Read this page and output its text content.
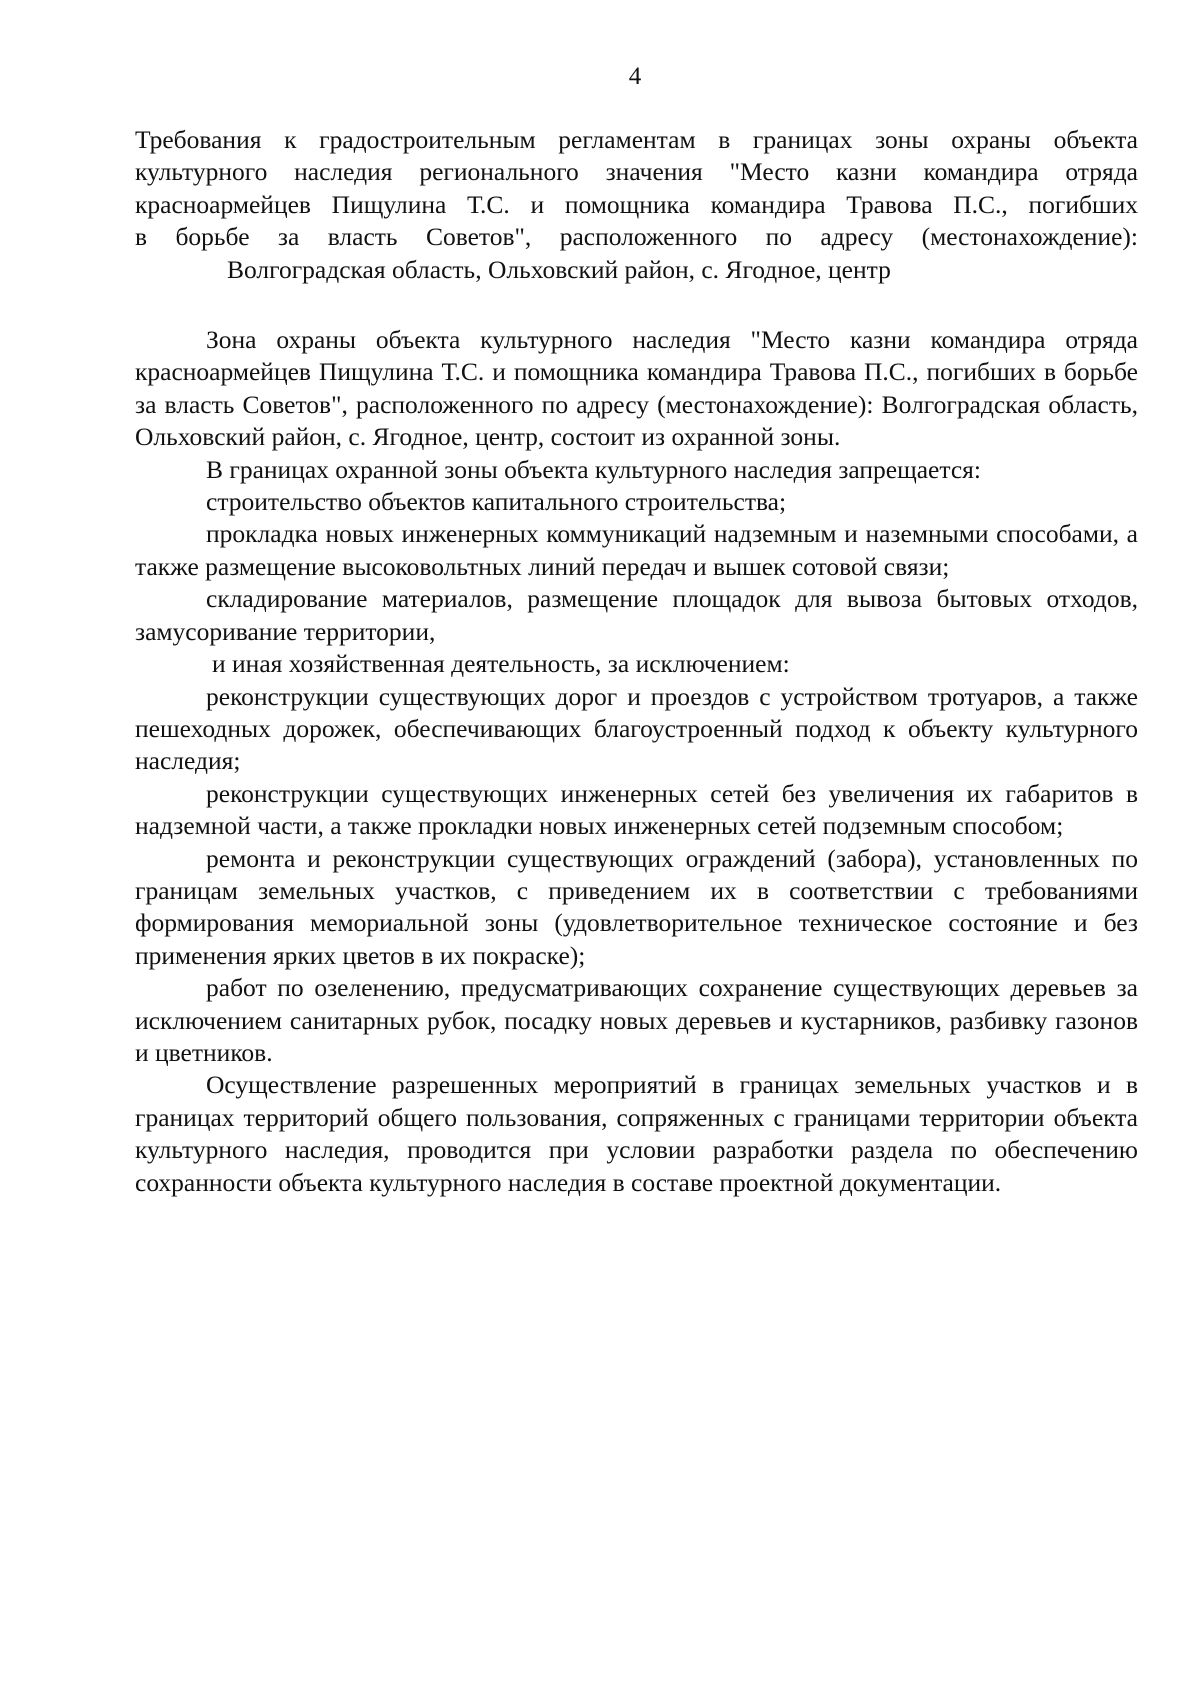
4

Требования к градостроительным регламентам в границах зоны охраны объекта

культурного наследия регионального значения "Место казни командира отряда

красноармейцев Пищулина Т.С. и помощника командира Травова П.С., погибших

в борьбе за власть Советов", расположенного по адресу (местонахождение):

Волгоградская область, Ольховский район, с. Ягодное, центр

Зона охраны объекта культурного наследия "Место казни командира отряда красноармейцев Пищулина Т.С. и помощника командира Травова П.С., погибших в борьбе за власть Советов", расположенного по адресу (местонахождение): Волгоградская область, Ольховский район, с. Ягодное, центр, состоит из охранной зоны.

В границах охранной зоны объекта культурного наследия запрещается:

строительство объектов капитального строительства;

прокладка новых инженерных коммуникаций надземным и наземными способами, а также размещение высоковольтных линий передач и вышек сотовой связи;

складирование материалов, размещение площадок для вывоза бытовых отходов, замусоривание территории,

и иная хозяйственная деятельность, за исключением:

реконструкции существующих дорог и проездов с устройством тротуаров, а также пешеходных дорожек, обеспечивающих благоустроенный подход к объекту культурного наследия;

реконструкции существующих инженерных сетей без увеличения их габаритов в надземной части, а также прокладки новых инженерных сетей подземным способом;

ремонта и реконструкции существующих ограждений (забора), установленных по границам земельных участков, с приведением их в соответствии с требованиями формирования мемориальной зоны (удовлетворительное техническое состояние и без применения ярких цветов в их покраске);

работ по озеленению, предусматривающих сохранение существующих деревьев за исключением санитарных рубок, посадку новых деревьев и кустарников, разбивку газонов и цветников.

Осуществление разрешенных мероприятий в границах земельных участков и в границах территорий общего пользования, сопряженных с границами территории объекта культурного наследия, проводится при условии разработки раздела по обеспечению сохранности объекта культурного наследия в составе проектной документации.
